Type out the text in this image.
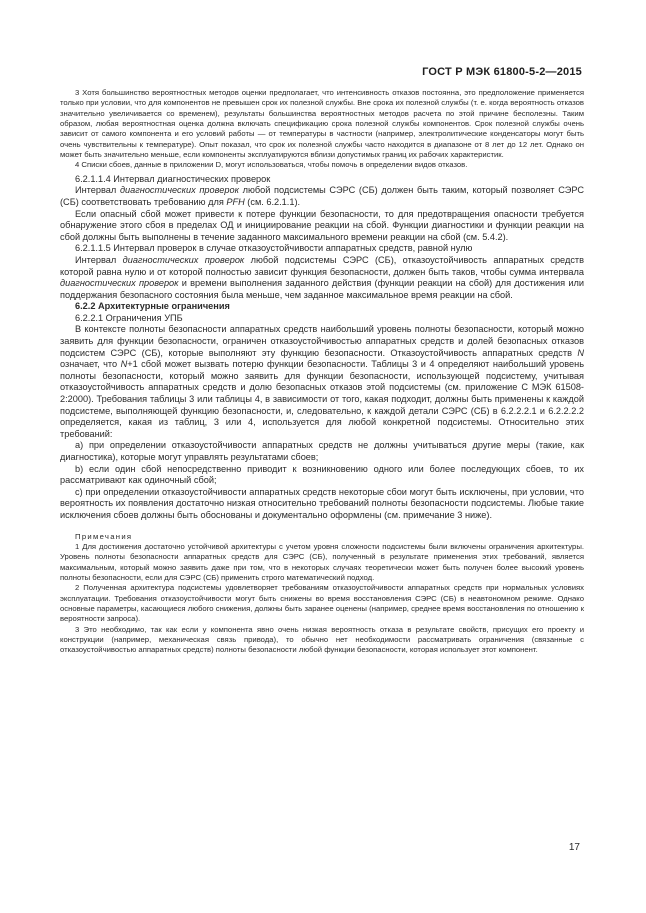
ГОСТ Р МЭК 61800-5-2—2015

3 Хотя большинство вероятностных методов оценки предполагает, что интенсивность отказов постоянна, это предположение применяется только при условии, что для компонентов не превышен срок их полезной службы. Вне срока их полезной службы (т. е. когда вероятность отказов значительно увеличивается со временем), результаты большинства вероятностных методов расчета по этой причине бесполезны. Таким образом, любая вероятностная оценка должна включать спецификацию срока полезной службы компонентов. Срок полезной службы очень зависит от самого компонента и его условий работы — от температуры в частности (например, электролитические конденсаторы могут быть очень чувствительны к температуре). Опыт показал, что срок их полезной службы часто находится в диапазоне от 8 лет до 12 лет. Однако он может быть значительно меньше, если компоненты эксплуатируются вблизи допустимых границ их рабочих характеристик.

4 Списки сбоев, данные в приложении D, могут использоваться, чтобы помочь в определении видов отказов.

6.2.1.1.4 Интервал диагностических проверок

Интервал диагностических проверок любой подсистемы СЭРС (СБ) должен быть таким, который позволяет СЭРС (СБ) соответствовать требованию для PFH (см. 6.2.1.1).

Если опасный сбой может привести к потере функции безопасности, то для предотвращения опасности требуется обнаружение этого сбоя в пределах ОД и инициирование реакции на сбой. Функции диагностики и функции реакции на сбой должны быть выполнены в течение заданного максимального времени реакции на сбой (см. 5.4.2).

6.2.1.1.5 Интервал проверок в случае отказоустойчивости аппаратных средств, равной нулю

Интервал диагностических проверок любой подсистемы СЭРС (СБ), отказоустойчивость аппаратных средств которой равна нулю и от которой полностью зависит функция безопасности, должен быть таков, чтобы сумма интервала диагностических проверок и времени выполнения заданного действия (функции реакции на сбой) для достижения или поддержания безопасного состояния была меньше, чем заданное максимальное время реакции на сбой.

6.2.2 Архитектурные ограничения

6.2.2.1 Ограничения УПБ

В контексте полноты безопасности аппаратных средств наибольший уровень полноты безопасности, который можно заявить для функции безопасности, ограничен отказоустойчивостью аппаратных средств и долей безопасных отказов подсистем СЭРС (СБ), которые выполняют эту функцию безопасности. Отказоустойчивость аппаратных средств N означает, что N+1 сбой может вызвать потерю функции безопасности. Таблицы 3 и 4 определяют наибольший уровень полноты безопасности, который можно заявить для функции безопасности, использующей подсистему, учитывая отказоустойчивость аппаратных средств и долю безопасных отказов этой подсистемы (см. приложение С МЭК 61508-2:2000). Требования таблицы 3 или таблицы 4, в зависимости от того, какая подходит, должны быть применены к каждой подсистеме, выполняющей функцию безопасности, и, следовательно, к каждой детали СЭРС (СБ) в 6.2.2.2.1 и 6.2.2.2.2 определяется, какая из таблиц, 3 или 4, используется для любой конкретной подсистемы. Относительно этих требований:

a) при определении отказоустойчивости аппаратных средств не должны учитываться другие меры (такие, как диагностика), которые могут управлять результатами сбоев;

b) если один сбой непосредственно приводит к возникновению одного или более последующих сбоев, то их рассматривают как одиночный сбой;

c) при определении отказоустойчивости аппаратных средств некоторые сбои могут быть исключены, при условии, что вероятность их появления достаточно низкая относительно требований полноты безопасности подсистемы. Любые такие исключения сбоев должны быть обоснованы и документально оформлены (см. примечание 3 ниже).

Примечания

1 Для достижения достаточно устойчивой архитектуры с учетом уровня сложности подсистемы были включены ограничения архитектуры. Уровень полноты безопасности аппаратных средств для СЭРС (СБ), полученный в результате применения этих требований, является максимальным, который можно заявить даже при том, что в некоторых случаях теоретически может быть получен более высокий уровень полноты безопасности, если для СЭРС (СБ) применить строго математический подход.

2 Полученная архитектура подсистемы удовлетворяет требованиям отказоустойчивости аппаратных средств при нормальных условиях эксплуатации. Требования отказоустойчивости могут быть снижены во время восстановления СЭРС (СБ) в неавтономном режиме. Однако основные параметры, касающиеся любого снижения, должны быть заранее оценены (например, среднее время восстановления по отношению к вероятности запроса).

3 Это необходимо, так как если у компонента явно очень низкая вероятность отказа в результате свойств, присущих его проекту и конструкции (например, механическая связь привода), то обычно нет необходимости рассматривать ограничения (связанные с отказоустойчивостью аппаратных средств) полноты безопасности любой функции безопасности, которая использует этот компонент.

17
